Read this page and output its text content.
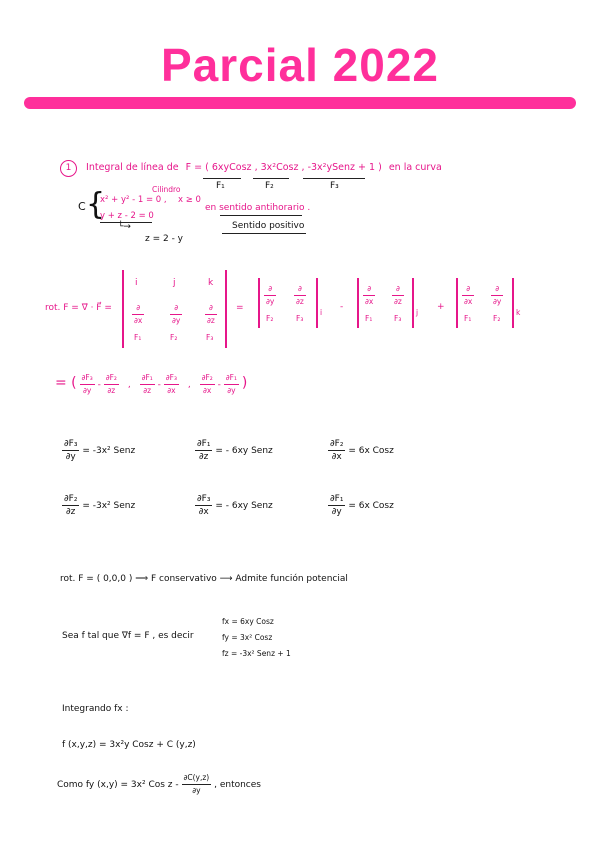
Parcial 2022
1 Integral de línea de F = ( 6xyCosz , 3x²Cosz , -3x²ySenz + 1 ) en la curva
F₁	F₂	F₃
C {	Cilindro
x² + y² - 1 = 0 , x ≥ 0
y + z - 2 = 0
└→
z = 2 - y
en sentido antihorario .
Sentido positivo
rot. F = ∇⃗ · F⃗ =
i	j	k
$\frac{\partial}{\partial x}$	$\frac{\partial}{\partial y}$	$\frac{\partial}{\partial z}$
F₁	F₂	F₃
=	$\frac{\partial}{\partial y} \frac{\partial}{\partial z}$
F₂	F₃
i
-	$\frac{\partial}{\partial x} \frac{\partial}{\partial z}$
F₁	F₃
j
+ $\frac{\partial}{\partial x} \frac{\partial}{\partial y}$
F₁	F₂
k
= ( $\frac{\text{∂F₃}}{\partial y} - \frac{\text{∂F₂}}{\partial z}$ , $\frac{\text{∂F₁}}{\partial z} - \frac{\text{∂F₃}}{\partial x}$ , $\frac{\text{∂F₂}}{\partial x} - \frac{\text{∂F₁}}{\partial y}$ )
$\frac{\text{∂F₃}}{\partial y} = -3x^2$ Senz	$\frac{\text{∂F₁}}{\partial z}$ = - 6xy Senz	$\frac{\text{∂F₂}}{\partial x} = 6x$ Cosz
$\frac{\text{∂F₂}}{\partial z} = -3x^2$ Senz	$\frac{\text{∂F₃}}{\partial x}$ = - 6xy Senz	$\frac{\text{∂F₁}}{\partial y} = 6x$ Cosz
rot. F = ( 0,0,0 ) ⟹ F conservativo ⟶ Admite función potencial
Sea f tal que ∇f = F , es decir
fx = 6xy Cosz
fy = 3x² Cosz
fz = -3x² Senz + 1
Integrando fx :
f (x,y,z) = 3x²y Cosz + C (y,z)
Como fy (x,y) = 3x² Cos z - $\frac{\partial C(y,z)}{\partial y}$ , entonces
